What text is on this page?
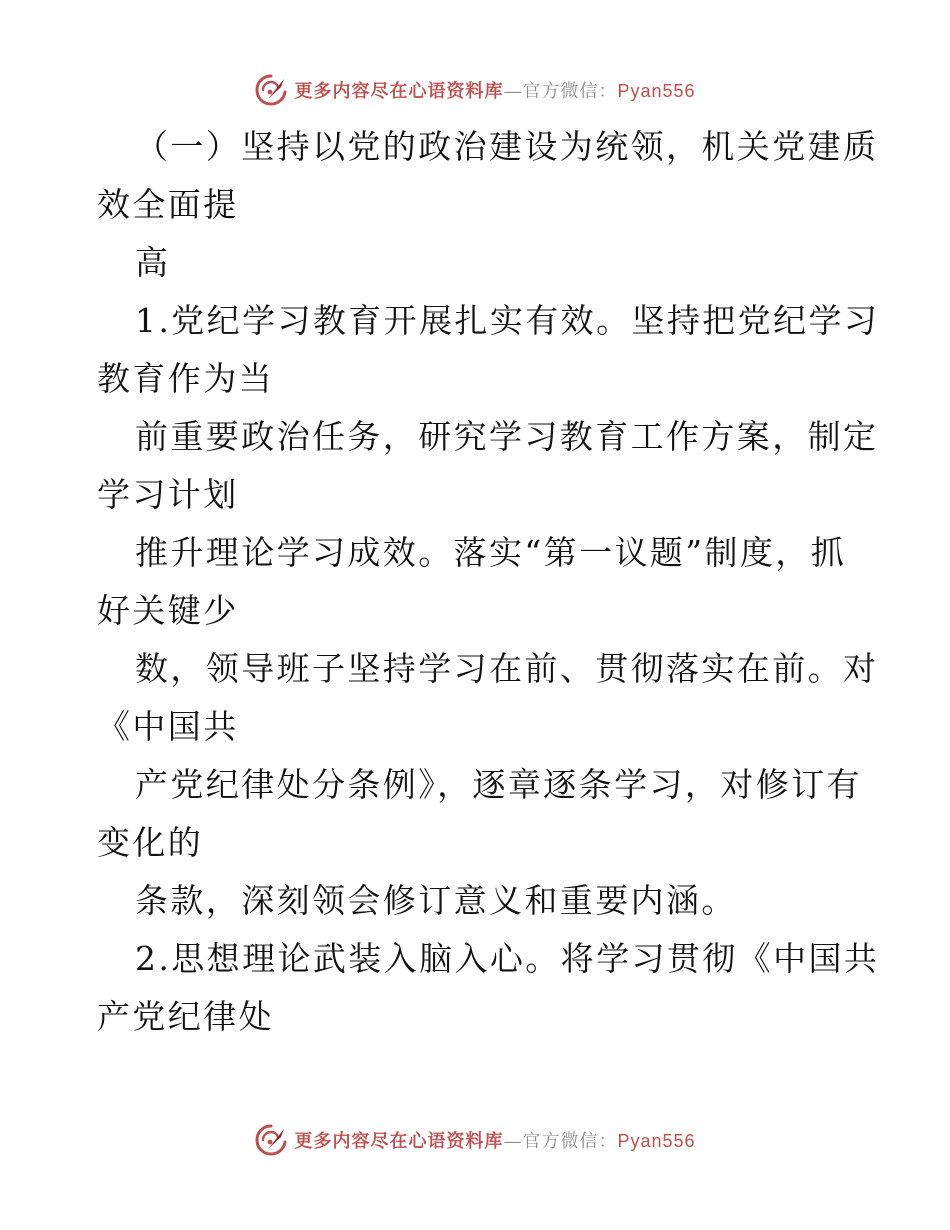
更多内容尽在心语资料库—官方微信：Pyan556
（一）坚持以党的政治建设为统领，机关党建质
效全面提
高
1.党纪学习教育开展扎实有效。坚持把党纪学习
教育作为当
前重要政治任务，研究学习教育工作方案，制定
学习计划
推升理论学习成效。落实“第一议题”制度，抓
好关键少
数，领导班子坚持学习在前、贯彻落实在前。对
《中国共
产党纪律处分条例》，逐章逐条学习，对修订有
变化的
条款，深刻领会修订意义和重要内涵。
2.思想理论武装入脑入心。将学习贯彻《中国共
产党纪律处
更多内容尽在心语资料库—官方微信：Pyan556
